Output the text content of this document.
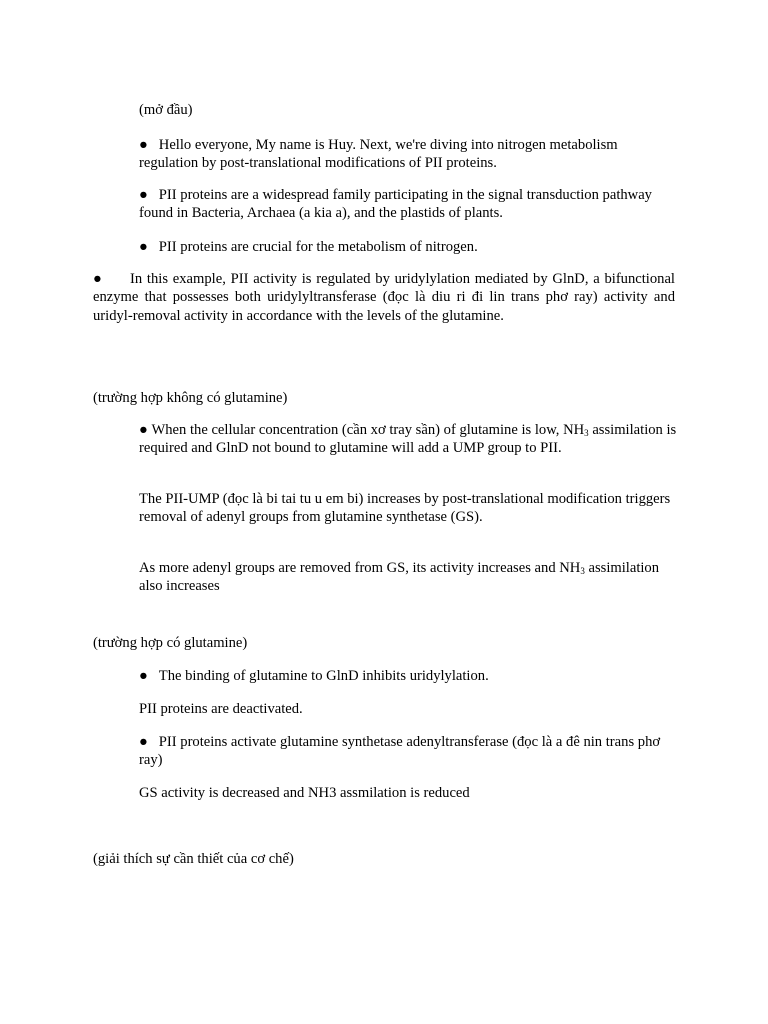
(mở đầu)

● Hello everyone, My name is Huy. Next, we're diving into nitrogen metabolism regulation by post-translational modifications of PII proteins.

● PII proteins are a widespread family participating in the signal transduction pathway found in Bacteria, Archaea (a kia a), and the plastids of plants.

● PII proteins are crucial for the metabolism of nitrogen.

● In this example, PII activity is regulated by uridylylation mediated by GlnD, a bifunctional enzyme that possesses both uridylyltransferase (đọc là diu ri đi lin trans phơ ray) activity and uridyl-removal activity in accordance with the levels of the glutamine.

(trường hợp không có glutamine)

● When the cellular concentration (cần xơ tray sần) of glutamine is low, $NH_3$ assimilation is required and GlnD not bound to glutamine will add a UMP group to PII.

The PII-UMP (đọc là bi tai tu u em bi) increases by post-translational modification triggers removal of adenyl groups from glutamine synthetase (GS).

As more adenyl groups are removed from GS, its activity increases and $NH_3$ assimilation also increases

(trường hợp có glutamine)

● The binding of glutamine to GlnD inhibits uridylylation.

PII proteins are deactivated.

● PII proteins activate glutamine synthetase adenyltransferase (đọc là a đê nin trans phơ ray)

GS activity is decreased and NH3 assmilation is reduced

(giải thích sự cần thiết của cơ chế)
